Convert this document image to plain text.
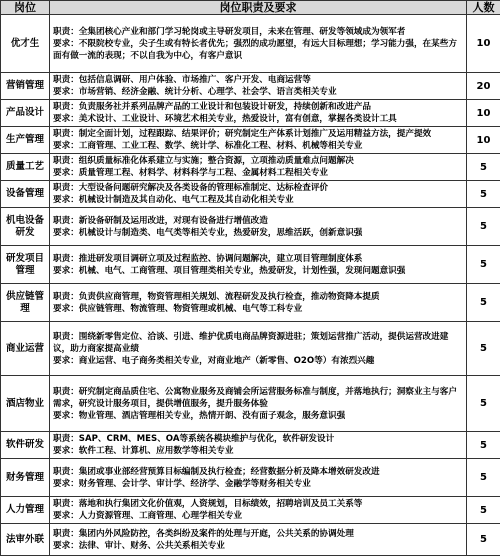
岗位	岗位职责及要求	人数
优才生	职责：全集团核心产业和部门学习轮岗或主导研发项目，未来在管理、研发等领域成为领军者
要求：不限院校专业，尖子生或有特长者优先；强烈的成功愿望，有远大目标理想；学习能力强，在某些方面有做一流的表现；不以自我为中心，有客户意识	10
营销管理	职责：包括信息调研、用户体验、市场推广、客户开发、电商运营等
要求：市场营销、经济金融、统计分析、心理学、社会学、语言类相关专业	20
产品设计	职责：负责服务社并系列品牌产品的工业设计和包装设计研发，持续创新和改进产品
要求：美术设计、工业设计、环境艺术相关专业，热爱设计，富有创意，掌握各类设计工具	10
生产管理	职责：制定全面计划，过程跟踪、结果评价；研究制定生产体系计划推广及运用精益方法，提产提效
要求：工商管理、工业工程、数学、统计学、标准化工程、材料、机械等相关专业	10
质量工艺	职责：组织质量标准化体系建立与实施；整合资源，立项推动质量难点问题解决
要求：质量管理工程、材料学、材料科学与工程、金属材料工程相关专业	5
设备管理	职责：大型设备问题研究解决及各类设备的管理标准制定、达标检查评价
要求：机械设计制造及其自动化、电气工程及其自动化相关专业	5
机电设备研发	职责：新设备研制及运用改进，对现有设备进行增值改造
要求：机械设计与制造类、电气类等相关专业，热爱研发，思维活跃，创新意识强	5
研发项目管理	职责：推进研发项目调研立项及过程监控、协调问题解决，建立项目管理制度体系
要求：机械、电气、工商管理、项目管理类相关专业，热爱研发，计划性强，发现问题意识强	5
供应链管理	职责：负责供应商管理，物资管理相关规划、流程研发及执行检查，推动物资降本提质
要求：供应链管理、物流管理、物资管理或机械、电气等工科专业	5
商业运营	职责：围绕新零售定位、洽谈、引进、维护优质电商品牌资源进驻；策划运营推广活动，提供运营改进建议，助力商家提高业绩
要求：商业运营、电子商务类相关专业，对商业地产（新零售、O2O等）有浓烈兴趣	5
酒店物业	职责：研究制定商品质住宅、公寓物业服务及商铺会所运营服务标准与制度，并落地执行；洞察业主与客户需求，研究设计服务项目，提供增值服务，提升服务体验
要求：物业管理、酒店管理相关专业，热情开朗、没有面子观念，服务意识强	5
软件研发	职责：SAP、CRM、MES、OA等系统各模块维护与优化，软件研发设计
要求：软件工程、计算机、应用数学等相关专业	5
财务管理	职责：集团或事业部经营预算目标编制及执行检查；经营数据分析及降本增效研发改进
要求：财务管理、会计学、审计学、经济学、金融学等财务相关专业	5
人力管理	职责：落地和执行集团文化价值观，人资规划，目标绩效，招聘培训及员工关系等
要求：人力资源管理、工商管理、心理学相关专业	5
法审外联	职责：集团内外风险防控，各类纠纷及案件的处理与开庭，公共关系的协调处理
要求：法律、审计、财务、公共关系相关专业	5
